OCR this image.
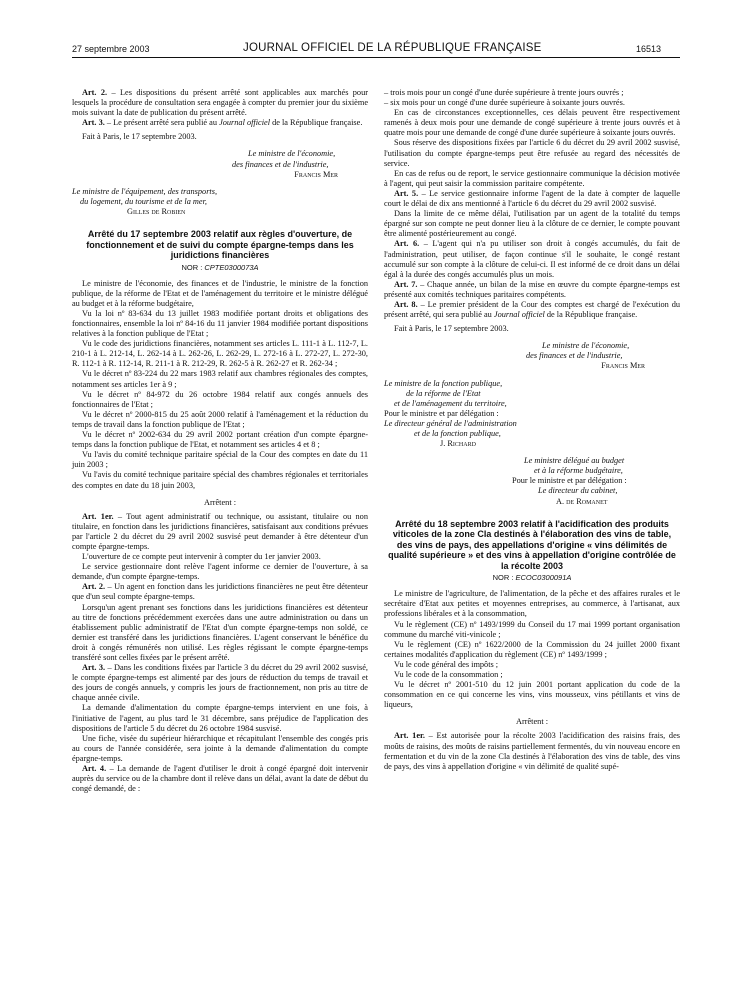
27 septembre 2003	JOURNAL OFFICIEL DE LA RÉPUBLIQUE FRANÇAISE	16513

Art. 2. – Les dispositions du présent arrêté sont applicables aux marchés pour lesquels la procédure de consultation sera engagée à compter du premier jour du sixième mois suivant la date de publication du présent arrêté.

Art. 3. – Le présent arrêté sera publié au Journal officiel de la République française.

Fait à Paris, le 17 septembre 2003.

Le ministre de l'économie,

des finances et de l'industrie,

Francis Mer

Le ministre de l'équipement, des transports,

du logement, du tourisme et de la mer,

Gilles de Robien

Arrêté du 17 septembre 2003 relatif aux règles d'ouverture, de fonctionnement et de suivi du compte épargne-temps dans les juridictions financières

NOR : CPTE0300073A

Le ministre de l'économie, des finances et de l'industrie, le ministre de la fonction publique, de la réforme de l'Etat et de l'aménagement du territoire et le ministre délégué au budget et à la réforme budgétaire,

Vu la loi nº 83-634 du 13 juillet 1983 modifiée portant droits et obligations des fonctionnaires, ensemble la loi nº 84-16 du 11 janvier 1984 modifiée portant dispositions relatives à la fonction publique de l'Etat ;

Vu le code des juridictions financières, notamment ses articles L. 111-1 à L. 112-7, L. 210-1 à L. 212-14, L. 262-14 à L. 262-26, L. 262-29, L. 272-16 à L. 272-27, L. 272-30, R. 112-1 à R. 112-14, R. 211-1 à R. 212-29, R. 262-5 à R. 262-27 et R. 262-34 ;

Vu le décret nº 83-224 du 22 mars 1983 relatif aux chambres régionales des comptes, notamment ses articles 1er à 9 ;

Vu le décret nº 84-972 du 26 octobre 1984 relatif aux congés annuels des fonctionnaires de l'Etat ;

Vu le décret nº 2000-815 du 25 août 2000 relatif à l'aménagement et la réduction du temps de travail dans la fonction publique de l'Etat ;

Vu le décret nº 2002-634 du 29 avril 2002 portant création d'un compte épargne-temps dans la fonction publique de l'Etat, et notamment ses articles 4 et 8 ;

Vu l'avis du comité technique paritaire spécial de la Cour des comptes en date du 11 juin 2003 ;

Vu l'avis du comité technique paritaire spécial des chambres régionales et territoriales des comptes en date du 18 juin 2003,

Arrêtent :

Art. 1er. – Tout agent administratif ou technique, ou assistant, titulaire ou non titulaire, en fonction dans les juridictions financières, satisfaisant aux conditions prévues par l'article 2 du décret du 29 avril 2002 susvisé peut demander à être détenteur d'un compte épargne-temps.

L'ouverture de ce compte peut intervenir à compter du 1er janvier 2003.

Le service gestionnaire dont relève l'agent informe ce dernier de l'ouverture, à sa demande, d'un compte épargne-temps.

Art. 2. – Un agent en fonction dans les juridictions financières ne peut être détenteur que d'un seul compte épargne-temps.

Lorsqu'un agent prenant ses fonctions dans les juridictions financières est détenteur au titre de fonctions précédemment exercées dans une autre administration ou dans un établissement public administratif de l'Etat d'un compte épargne-temps non soldé, ce dernier est transféré dans les juridictions financières. L'agent conservant le bénéfice du droit à congés rémunérés non utilisé. Les règles régissant le compte épargne-temps transféré sont celles fixées par le présent arrêté.

Art. 3. – Dans les conditions fixées par l'article 3 du décret du 29 avril 2002 susvisé, le compte épargne-temps est alimenté par des jours de réduction du temps de travail et des jours de congés annuels, y compris les jours de fractionnement, non pris au titre de chaque année civile.

La demande d'alimentation du compte épargne-temps intervient en une fois, à l'initiative de l'agent, au plus tard le 31 décembre, sans préjudice de l'application des dispositions de l'article 5 du décret du 26 octobre 1984 susvisé.

Une fiche, visée du supérieur hiérarchique et récapitulant l'ensemble des congés pris au cours de l'année considérée, sera jointe à la demande d'alimentation du compte épargne-temps.

Art. 4. – La demande de l'agent d'utiliser le droit à congé épargné doit intervenir auprès du service ou de la chambre dont il relève dans un délai, avant la date de début du congé demandé, de :

– trois mois pour un congé d'une durée supérieure à trente jours ouvrés ;

– six mois pour un congé d'une durée supérieure à soixante jours ouvrés.

En cas de circonstances exceptionnelles, ces délais peuvent être respectivement ramenés à deux mois pour une demande de congé supérieure à trente jours ouvrés et à quatre mois pour une demande de congé d'une durée supérieure à soixante jours ouvrés.

Sous réserve des dispositions fixées par l'article 6 du décret du 29 avril 2002 susvisé, l'utilisation du compte épargne-temps peut être refusée au regard des nécessités de service.

En cas de refus ou de report, le service gestionnaire communique la décision motivée à l'agent, qui peut saisir la commission paritaire compétente.

Art. 5. – Le service gestionnaire informe l'agent de la date à compter de laquelle court le délai de dix ans mentionné à l'article 6 du décret du 29 avril 2002 susvisé.

Dans la limite de ce même délai, l'utilisation par un agent de la totalité du temps épargné sur son compte ne peut donner lieu à la clôture de ce dernier, le compte pouvant être alimenté postérieurement au congé.

Art. 6. – L'agent qui n'a pu utiliser son droit à congés accumulés, du fait de l'administration, peut utiliser, de façon continue s'il le souhaite, le congé restant accumulé sur son compte à la clôture de celui-ci. Il est informé de ce droit dans un délai égal à la durée des congés accumulés plus un mois.

Art. 7. – Chaque année, un bilan de la mise en œuvre du compte épargne-temps est présenté aux comités techniques paritaires compétents.

Art. 8. – Le premier président de la Cour des comptes est chargé de l'exécution du présent arrêté, qui sera publié au Journal officiel de la République française.

Fait à Paris, le 17 septembre 2003.

Le ministre de l'économie,

des finances et de l'industrie,

Francis Mer

Le ministre de la fonction publique,

de la réforme de l'Etat

et de l'aménagement du territoire,

Pour le ministre et par délégation :

Le directeur général de l'administration

et de la fonction publique,

J. Richard

Le ministre délégué au budget

et à la réforme budgétaire,

Pour le ministre et par délégation :

Le directeur du cabinet,

A. de Romanet

Arrêté du 18 septembre 2003 relatif à l'acidification des produits viticoles de la zone Cla destinés à l'élaboration des vins de table, des vins de pays, des appellations d'origine « vins délimités de qualité supérieure » et des vins à appellation d'origine contrôlée de la récolte 2003

NOR : ECOC0300091A

Le ministre de l'agriculture, de l'alimentation, de la pêche et des affaires rurales et le secrétaire d'Etat aux petites et moyennes entreprises, au commerce, à l'artisanat, aux professions libérales et à la consommation,

Vu le règlement (CE) nº 1493/1999 du Conseil du 17 mai 1999 portant organisation commune du marché viti-vinicole ;

Vu le règlement (CE) nº 1622/2000 de la Commission du 24 juillet 2000 fixant certaines modalités d'application du règlement (CE) nº 1493/1999 ;

Vu le code général des impôts ;

Vu le code de la consommation ;

Vu le décret nº 2001-510 du 12 juin 2001 portant application du code de la consommation en ce qui concerne les vins, vins mousseux, vins pétillants et vins de liqueurs,

Arrêtent :

Art. 1er. – Est autorisée pour la récolte 2003 l'acidification des raisins frais, des moûts de raisins, des moûts de raisins partiellement fermentés, du vin nouveau encore en fermentation et du vin de la zone Cla destinés à l'élaboration des vins de table, des vins de pays, des vins à appellation d'origine « vin délimité de qualité supé-
